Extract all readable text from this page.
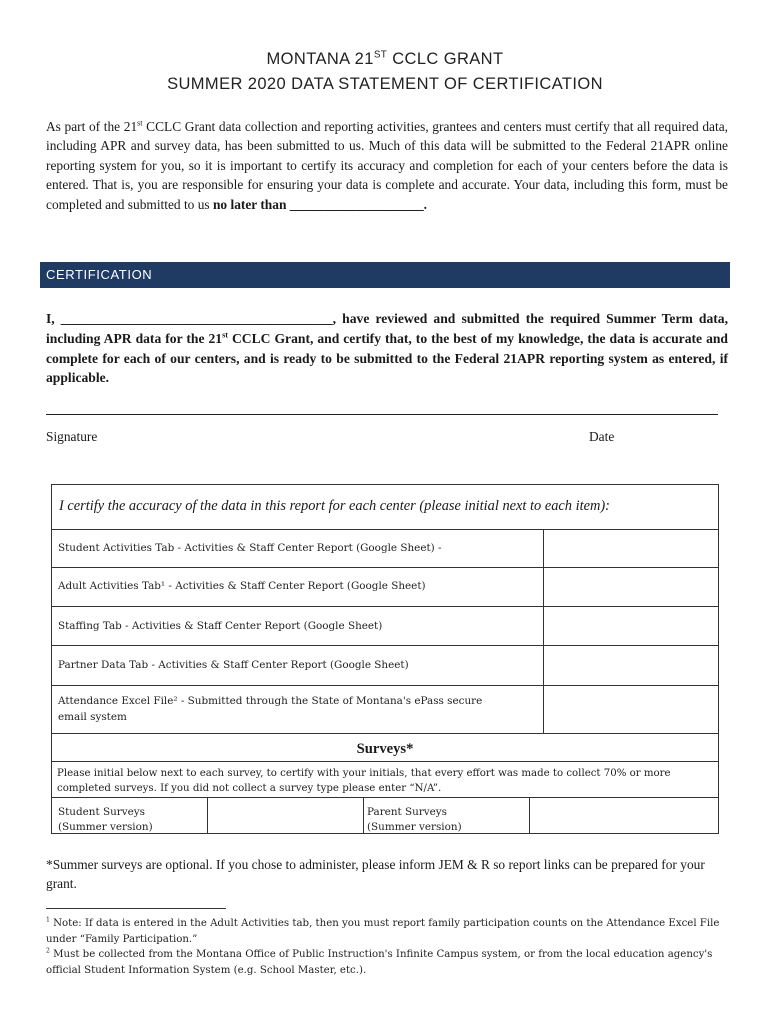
MONTANA 21ST CCLC GRANT
SUMMER 2020 DATA STATEMENT OF CERTIFICATION
As part of the 21st CCLC Grant data collection and reporting activities, grantees and centers must certify that all required data, including APR and survey data, has been submitted to us. Much of this data will be submitted to the Federal 21APR online reporting system for you, so it is important to certify its accuracy and completion for each of your centers before the data is entered. That is, you are responsible for ensuring your data is complete and accurate. Your data, including this form, must be completed and submitted to us no later than ____________________.
CERTIFICATION
I, ________________________________________, have reviewed and submitted the required Summer Term data, including APR data for the 21st CCLC Grant, and certify that, to the best of my knowledge, the data is accurate and complete for each of our centers, and is ready to be submitted to the Federal 21APR reporting system as entered, if applicable.
Signature	Date
I certify the accuracy of the data in this report for each center (please initial next to each item):
Student Activities Tab - Activities & Staff Center Report (Google Sheet) -
Adult Activities Tab¹ - Activities & Staff Center Report (Google Sheet)
Staffing Tab - Activities & Staff Center Report (Google Sheet)
Partner Data Tab - Activities & Staff Center Report (Google Sheet)
Attendance Excel File² - Submitted through the State of Montana's ePass secure
email system
Surveys*
Please initial below next to each survey, to certify with your initials, that every effort was made to collect 70% or more completed surveys. If you did not collect a survey type please enter “N/A”.
Student Surveys
(Summer version)
Parent Surveys
(Summer version)
*Summer surveys are optional. If you chose to administer, please inform JEM & R so report links can be prepared for your grant.
$^1$ Note: If data is entered in the Adult Activities tab, then you must report family participation counts on the Attendance Excel File under “Family Participation.”
$^2$ Must be collected from the Montana Office of Public Instruction's Infinite Campus system, or from the local education agency's official Student Information System (e.g. School Master, etc.).
